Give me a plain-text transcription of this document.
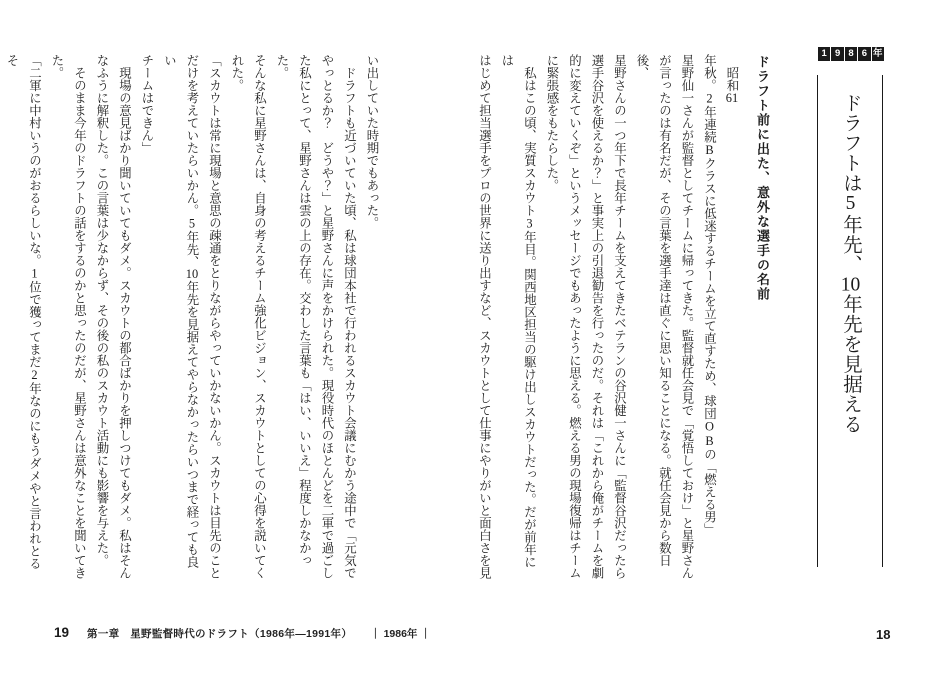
1 9 8 6 年
ドラフトは5年先、10年先を見据える
ドラフト前に出た、意外な選手の名前
　昭和61年秋。2年連続Bクラスに低迷するチームを立て直すため、球団OBの「燃える男」
星野仙一さんが監督としてチームに帰ってきた。監督就任会見で「覚悟しておけ」と星野さん
が言ったのは有名だが、その言葉を選手達は直ぐに思い知ることになる。就任会見から数日後、
星野さんの一つ年下で長年チームを支えてきたベテランの谷沢健一さんに「監督谷沢だったら
選手谷沢を使えるか？」と事実上の引退勧告を行ったのだ。それは「これから俺がチームを劇
的に変えていくぞ」というメッセージでもあったように思える。燃える男の現場復帰はチーム
に緊張感をもたらした。
　私はこの頃、実質スカウト3年目。関西地区担当の駆け出しスカウトだった。だが前年には
はじめて担当選手をプロの世界に送り出すなど、スカウトとして仕事にやりがいと面白さを見
い出していた時期でもあった。
　ドラフトも近づいていた頃、私は球団本社で行われるスカウト会議にむかう途中で「元気で
やっとるか？　どうや？」と星野さんに声をかけられた。現役時代のほとんどを二軍で過ごし
た私にとって、星野さんは雲の上の存在。交わした言葉も「はい、いいえ」程度しかなかった。
そんな私に星野さんは、自身の考えるチーム強化ビジョン、スカウトとしての心得を説いてく
れた。
「スカウトは常に現場と意思の疎通をとりながらやっていかないかん。スカウトは目先のこと
だけを考えていたらいかん。5年先、10年先を見据えてやらなかったらいつまで経っても良い
チームはできん」
　現場の意見ばかり聞いていてもダメ。スカウトの都合ばかりを押しつけてもダメ。私はそん
なふうに解釈した。この言葉は少なからず、その後の私のスカウト活動にも影響を与えた。
　そのまま今年のドラフトの話をするのかと思ったのだが、星野さんは意外なことを聞いてき
た。
「二軍に中村いうのがおるらしいな。1位で獲ってまだ2年なのにもうダメやと言われとるそ
19 第一章　星野監督時代のドラフト（1986年—1991年） ｜ 1986年 ｜	18
